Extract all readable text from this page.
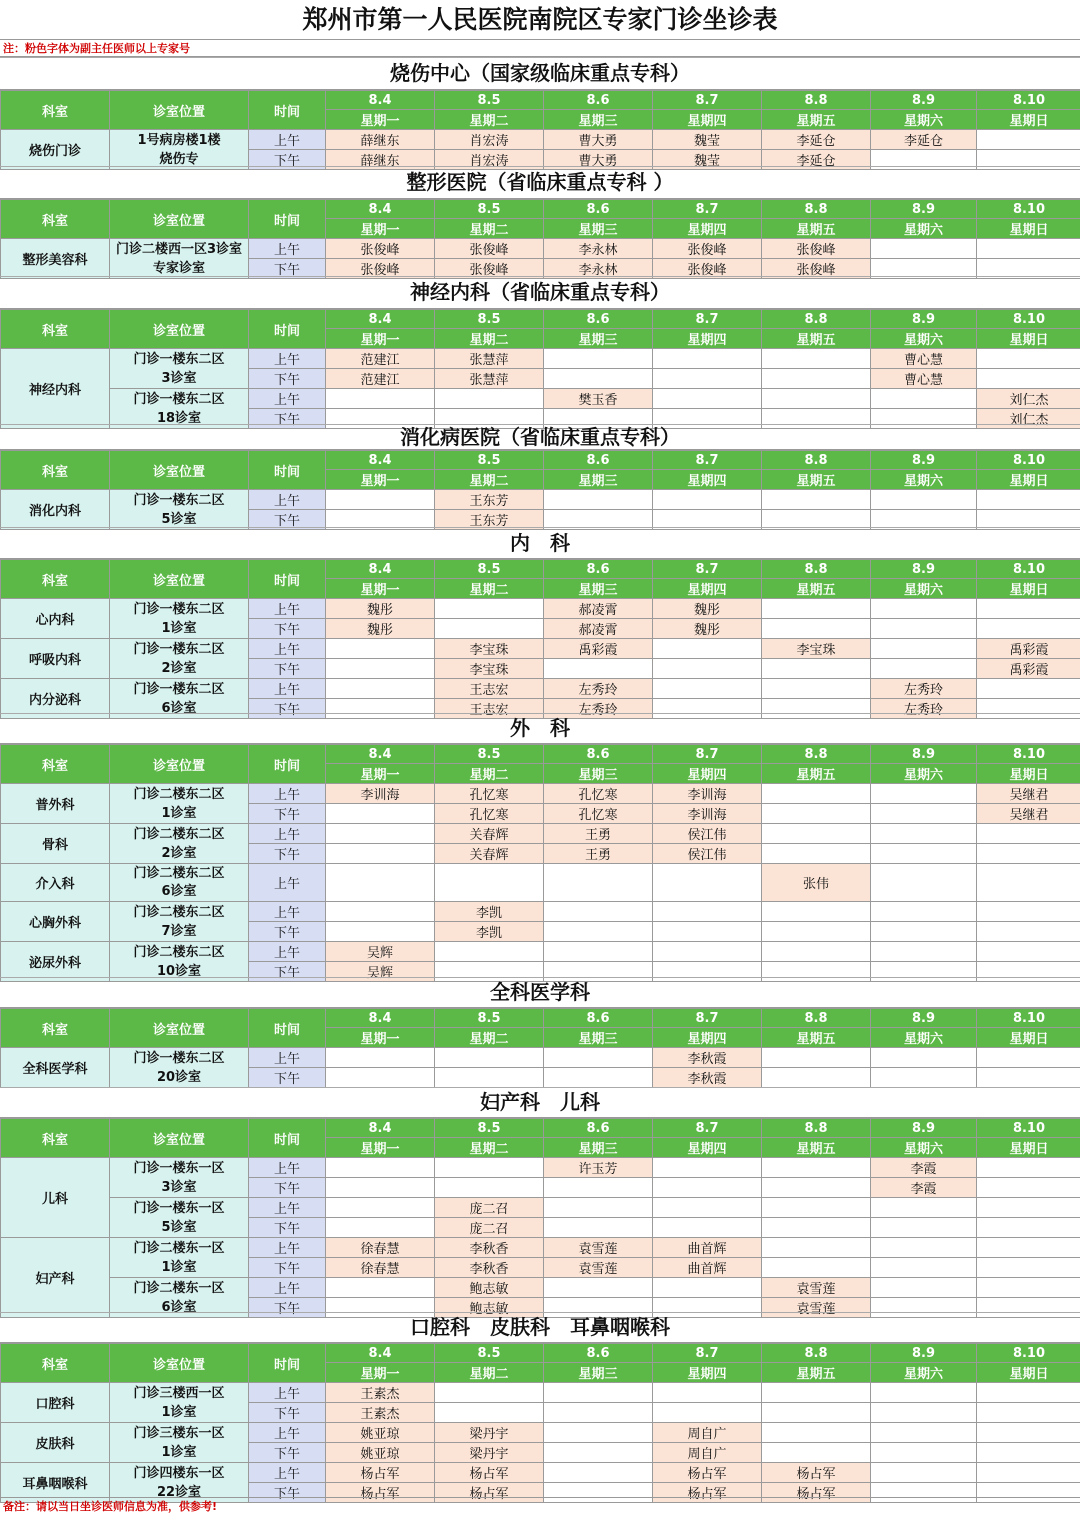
郑州市第一人民医院南院区专家门诊坐诊表
注：粉色字体为副主任医师以上专家号
烧伤中心（国家级临床重点专科）
科室	诊室位置	时间	8.4	8.5	8.6	8.7	8.8	8.9	8.10
			星期一	星期二	星期三	星期四	星期五	星期六	星期日
烧伤门诊	1号病房楼1楼
烧伤专	上午	薛继东	肖宏涛	曹大勇	魏莹	李延仓	李延仓	
		下午	薛继东	肖宏涛	曹大勇	魏莹	李延仓		
整形医院（省临床重点专科 ）
科室	诊室位置	时间	8.4	8.5	8.6	8.7	8.8	8.9	8.10
			星期一	星期二	星期三	星期四	星期五	星期六	星期日
整形美容科	门诊二楼西一区3诊室
专家诊室	上午	张俊峰	张俊峰	李永林	张俊峰	张俊峰		
		下午	张俊峰	张俊峰	李永林	张俊峰	张俊峰		
神经内科（省临床重点专科）
科室	诊室位置	时间	8.4	8.5	8.6	8.7	8.8	8.9	8.10
			星期一	星期二	星期三	星期四	星期五	星期六	星期日
神经内科	门诊一楼东二区
3诊室	上午	范建江	张慧萍				曹心慧	
		下午	范建江	张慧萍				曹心慧	

	门诊一楼东二区
18诊室	上午			樊玉香				刘仁杰
		下午							刘仁杰
消化病医院（省临床重点专科）
科室	诊室位置	时间	8.4	8.5	8.6	8.7	8.8	8.9	8.10
			星期一	星期二	星期三	星期四	星期五	星期六	星期日
消化内科	门诊一楼东二区
5诊室	上午		王东芳					
		下午		王东芳					
内　科
科室	诊室位置	时间	8.4	8.5	8.6	8.7	8.8	8.9	8.10
			星期一	星期二	星期三	星期四	星期五	星期六	星期日
心内科	门诊一楼东二区
1诊室	上午	魏彤		郝凌霄	魏彤			
		下午	魏彤		郝凌霄	魏彤			
呼吸内科	门诊一楼东二区
2诊室	上午		李宝珠	禹彩霞		李宝珠		禹彩霞
		下午		李宝珠					禹彩霞
内分泌科	门诊一楼东二区
6诊室	上午		王志宏	左秀玲			左秀玲	
		下午		王志宏	左秀玲			左秀玲	
外　科
科室	诊室位置	时间	8.4	8.5	8.6	8.7	8.8	8.9	8.10
			星期一	星期二	星期三	星期四	星期五	星期六	星期日
普外科	门诊二楼东二区
1诊室	上午	李训海	孔忆寒	孔忆寒	李训海			吴继君
		下午		孔忆寒	孔忆寒	李训海			吴继君
骨科	门诊二楼东二区
2诊室	上午		关春辉	王勇	侯江伟			
		下午		关春辉	王勇	侯江伟			
介入科	门诊二楼东二区
6诊室	上午					张伟		
心胸外科	门诊二楼东二区
7诊室	上午		李凯					
		下午		李凯					
泌尿外科	门诊二楼东二区
10诊室	上午	吴辉						
		下午	吴辉						
全科医学科
科室	诊室位置	时间	8.4	8.5	8.6	8.7	8.8	8.9	8.10
			星期一	星期二	星期三	星期四	星期五	星期六	星期日
全科医学科	门诊一楼东二区
20诊室	上午				李秋霞			
		下午				李秋霞			
妇产科　儿科
科室	诊室位置	时间	8.4	8.5	8.6	8.7	8.8	8.9	8.10
			星期一	星期二	星期三	星期四	星期五	星期六	星期日
儿科	门诊一楼东一区
3诊室	上午			许玉芳			李霞	
		下午						李霞	

	门诊一楼东一区
5诊室	上午		庞二召					
		下午		庞二召					
妇产科	门诊二楼东一区
1诊室	上午	徐春慧	李秋香	袁雪莲	曲首辉			
		下午	徐春慧	李秋香	袁雪莲	曲首辉			

	门诊二楼东一区
6诊室	上午		鲍志敏			袁雪莲		
		下午		鲍志敏			袁雪莲		
口腔科　皮肤科　耳鼻咽喉科
科室	诊室位置	时间	8.4	8.5	8.6	8.7	8.8	8.9	8.10
			星期一	星期二	星期三	星期四	星期五	星期六	星期日
口腔科	门诊三楼西一区
1诊室	上午	王素杰						
		下午	王素杰						
皮肤科	门诊三楼东一区
1诊室	上午	姚亚琼	梁丹宇		周自广			
		下午	姚亚琼	梁丹宇		周自广			
耳鼻咽喉科	门诊四楼东一区
22诊室	上午	杨占军	杨占军		杨占军	杨占军		
		下午	杨占军	杨占军		杨占军	杨占军		
备注：请以当日坐诊医师信息为准，供参考!
